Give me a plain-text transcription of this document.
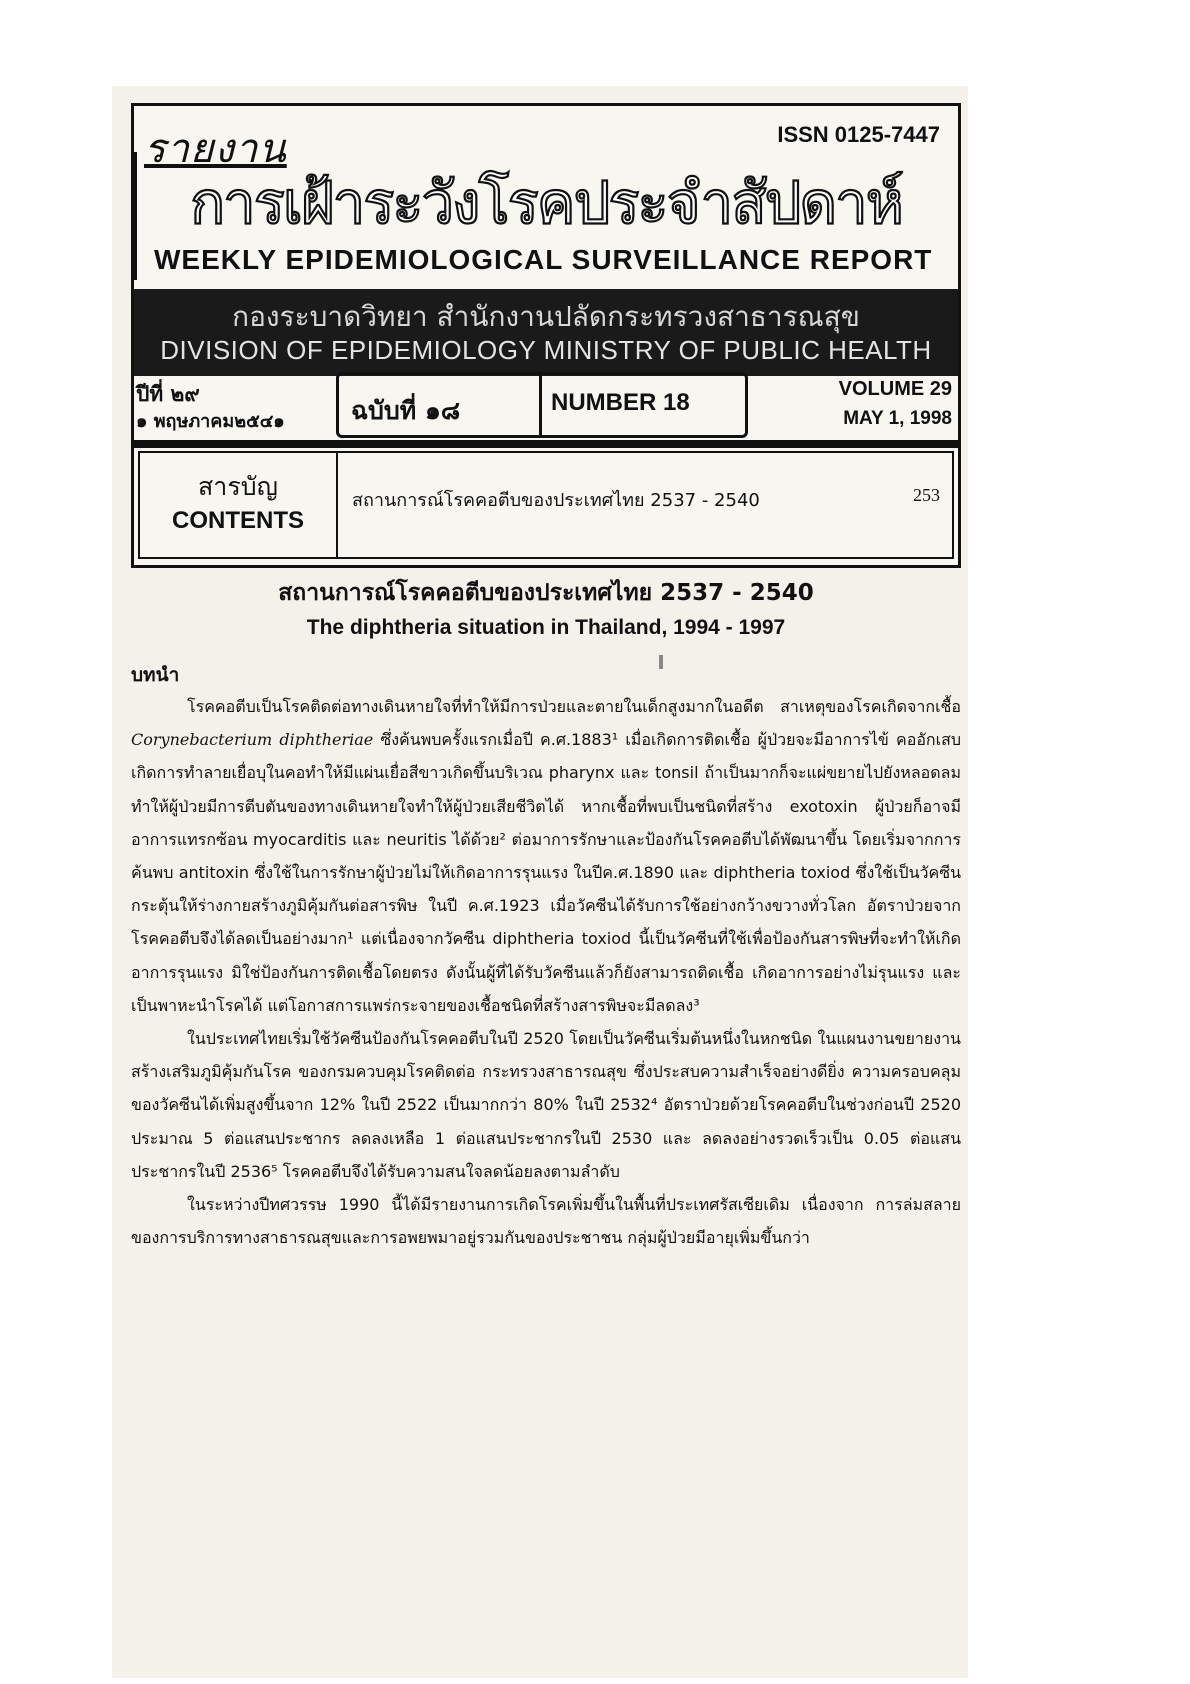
รายงาน	ISSN 0125-7447
การเฝ้าระวังโรคประจำสัปดาห์
WEEKLY EPIDEMIOLOGICAL SURVEILLANCE REPORT
กองระบาดวิทยา สำนักงานปลัดกระทรวงสาธารณสุข
DIVISION OF EPIDEMIOLOGY MINISTRY OF PUBLIC HEALTH
ปีที่ ๒๙
๑ พฤษภาคม๒๕๔๑	ฉบับที่ ๑๘	NUMBER 18	VOLUME 29
MAY 1, 1998
สารบัญ
CONTENTS
สถานการณ์โรคคอตีบของประเทศไทย 2537 - 2540	253
สถานการณ์โรคคอตีบของประเทศไทย 2537 - 2540
The diphtheria situation in Thailand, 1994 - 1997
บทนำ

โรคคอตีบเป็นโรคติดต่อทางเดินหายใจที่ทำให้มีการป่วยและตายในเด็กสูงมากในอดีต สาเหตุของโรคเกิดจากเชื้อ Corynebacterium diphtheriae ซึ่งค้นพบครั้งแรกเมื่อปี ค.ศ.1883¹ เมื่อเกิดการติดเชื้อ ผู้ป่วยจะมีอาการไข้ คออักเสบ เกิดการทำลายเยื่อบุในคอทำให้มีแผ่นเยื่อสีขาวเกิดขึ้นบริเวณ pharynx และ tonsil ถ้าเป็นมากก็จะแผ่ขยายไปยังหลอดลม ทำให้ผู้ป่วยมีการตีบตันของทางเดินหายใจทำให้ผู้ป่วยเสียชีวิตได้ หากเชื้อที่พบเป็นชนิดที่สร้าง exotoxin ผู้ป่วยก็อาจมีอาการแทรกซ้อน myocarditis และ neuritis ได้ด้วย² ต่อมาการรักษาและป้องกันโรคคอตีบได้พัฒนาขึ้น โดยเริ่มจากการค้นพบ antitoxin ซึ่งใช้ในการรักษาผู้ป่วยไม่ให้เกิดอาการรุนแรง ในปีค.ศ.1890 และ diphtheria toxiod ซึ่งใช้เป็นวัคซีนกระตุ้นให้ร่างกายสร้างภูมิคุ้มกันต่อสารพิษ ในปี ค.ศ.1923 เมื่อวัคซีนได้รับการใช้อย่างกว้างขวางทั่วโลก อัตราป่วยจากโรคคอตีบจึงได้ลดเป็นอย่างมาก¹ แต่เนื่องจากวัคซีน diphtheria toxiod นี้เป็นวัคซีนที่ใช้เพื่อป้องกันสารพิษที่จะทำให้เกิดอาการรุนแรง มิใช่ป้องกันการติดเชื้อโดยตรง ดังนั้นผู้ที่ได้รับวัคซีนแล้วก็ยังสามารถติดเชื้อ เกิดอาการอย่างไม่รุนแรง และเป็นพาหะนำโรคได้ แต่โอกาสการแพร่กระจายของเชื้อชนิดที่สร้างสารพิษจะมีลดลง³

ในประเทศไทยเริ่มใช้วัคซีนป้องกันโรคคอตีบในปี 2520 โดยเป็นวัคซีนเริ่มต้นหนึ่งในหกชนิด ในแผนงานขยายงานสร้างเสริมภูมิคุ้มกันโรค ของกรมควบคุมโรคติดต่อ กระทรวงสาธารณสุข ซึ่งประสบความสำเร็จอย่างดียิ่ง ความครอบคลุมของวัคซีนได้เพิ่มสูงขึ้นจาก 12% ในปี 2522 เป็นมากกว่า 80% ในปี 2532⁴ อัตราป่วยด้วยโรคคอตีบในช่วงก่อนปี 2520 ประมาณ 5 ต่อแสนประชากร ลดลงเหลือ 1 ต่อแสนประชากรในปี 2530 และ ลดลงอย่างรวดเร็วเป็น 0.05 ต่อแสนประชากรในปี 2536⁵ โรคคอตีบจึงได้รับความสนใจลดน้อยลงตามลำดับ

ในระหว่างปีทศวรรษ 1990 นี้ได้มีรายงานการเกิดโรคเพิ่มขึ้นในพื้นที่ประเทศรัสเซียเดิม เนื่องจาก การล่มสลายของการบริการทางสาธารณสุขและการอพยพมาอยู่รวมกันของประชาชน กลุ่มผู้ป่วยมีอายุเพิ่มขึ้นกว่า
